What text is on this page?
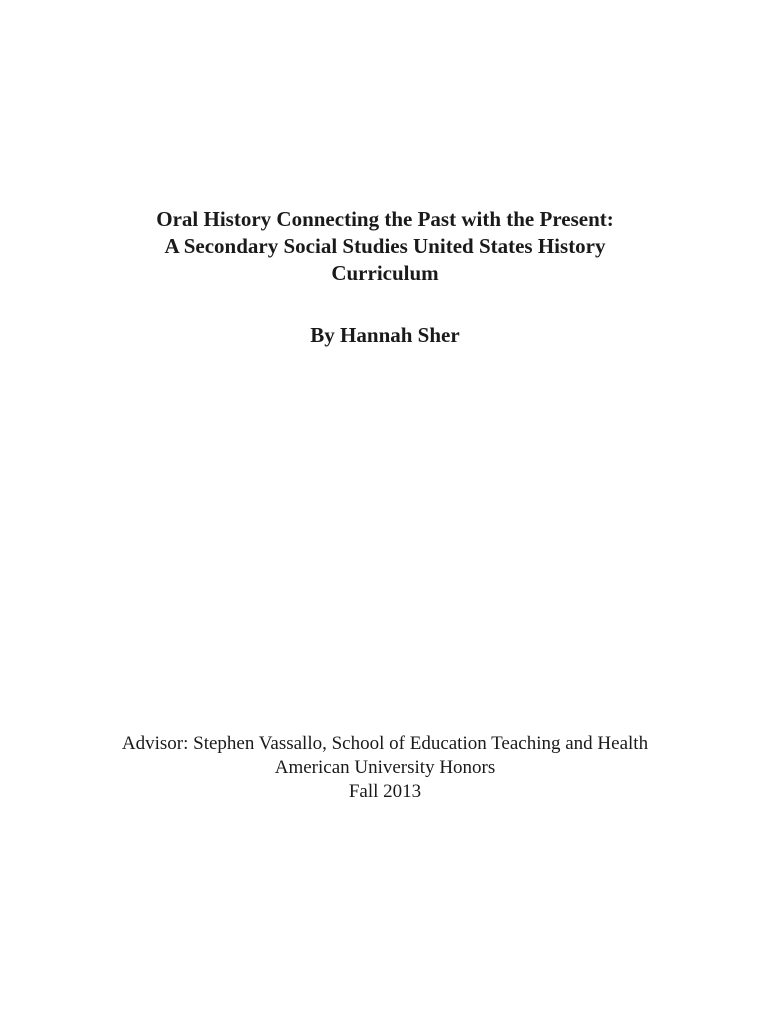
Oral History Connecting the Past with the Present:
A Secondary Social Studies United States History
Curriculum
By Hannah Sher
Advisor: Stephen Vassallo, School of Education Teaching and Health
American University Honors
Fall 2013
